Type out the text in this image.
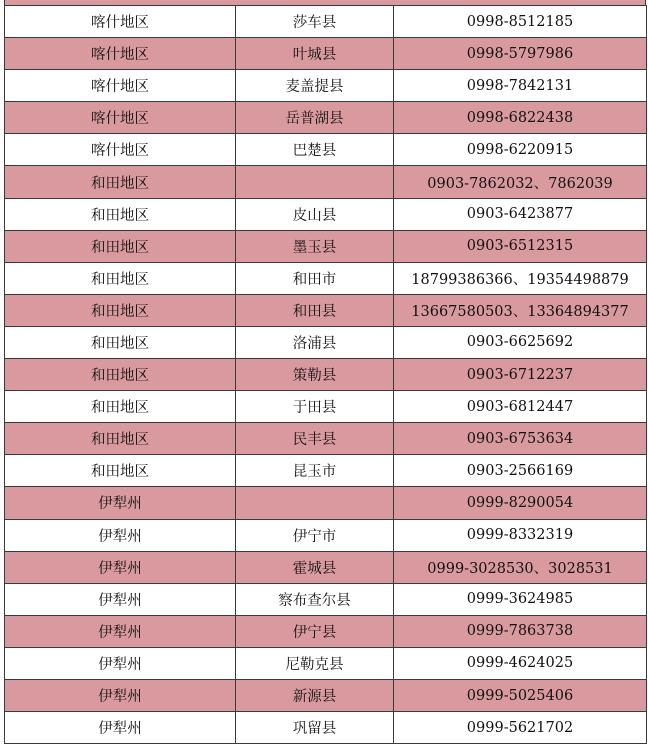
喀什地区	莎车县	0998-8512185
喀什地区	叶城县	0998-5797986
喀什地区	麦盖提县	0998-7842131
喀什地区	岳普湖县	0998-6822438
喀什地区	巴楚县	0998-6220915
和田地区		0903-7862032、7862039
和田地区	皮山县	0903-6423877
和田地区	墨玉县	0903-6512315
和田地区	和田市	18799386366、19354498879
和田地区	和田县	13667580503、13364894377
和田地区	洛浦县	0903-6625692
和田地区	策勒县	0903-6712237
和田地区	于田县	0903-6812447
和田地区	民丰县	0903-6753634
和田地区	昆玉市	0903-2566169
伊犁州		0999-8290054
伊犁州	伊宁市	0999-8332319
伊犁州	霍城县	0999-3028530、3028531
伊犁州	察布查尔县	0999-3624985
伊犁州	伊宁县	0999-7863738
伊犁州	尼勒克县	0999-4624025
伊犁州	新源县	0999-5025406
伊犁州	巩留县	0999-5621702
